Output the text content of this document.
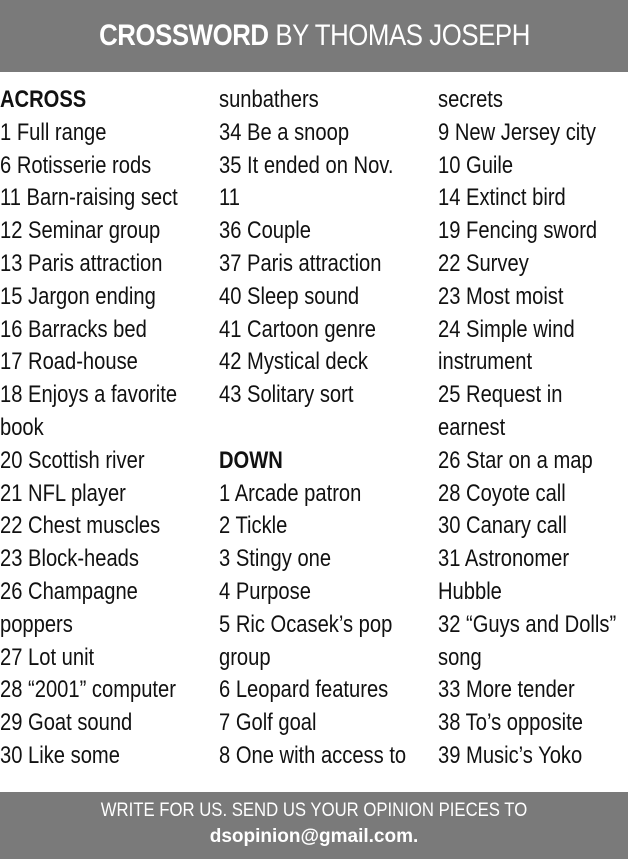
CROSSWORD BY THOMAS JOSEPH
ACROSS
1 Full range
6 Rotisserie rods
11 Barn-raising sect
12 Seminar group
13 Paris attraction
15 Jargon ending
16 Barracks bed
17 Road-house
18 Enjoys a favorite
book
20 Scottish river
21 NFL player
22 Chest muscles
23 Block-heads
26 Champagne
poppers
27 Lot unit
28 “2001” computer
29 Goat sound
30 Like some
sunbathers
34 Be a snoop
35 It ended on Nov.
11
36 Couple
37 Paris attraction
40 Sleep sound
41 Cartoon genre
42 Mystical deck
43 Solitary sort
DOWN
1 Arcade patron
2 Tickle
3 Stingy one
4 Purpose
5 Ric Ocasek’s pop
group
6 Leopard features
7 Golf goal
8 One with access to
secrets
9 New Jersey city
10 Guile
14 Extinct bird
19 Fencing sword
22 Survey
23 Most moist
24 Simple wind
instrument
25 Request in
earnest
26 Star on a map
28 Coyote call
30 Canary call
31 Astronomer
Hubble
32 “Guys and Dolls”
song
33 More tender
38 To’s opposite
39 Music’s Yoko
WRITE FOR US. SEND US YOUR OPINION PIECES TO
dsopinion@gmail.com.
